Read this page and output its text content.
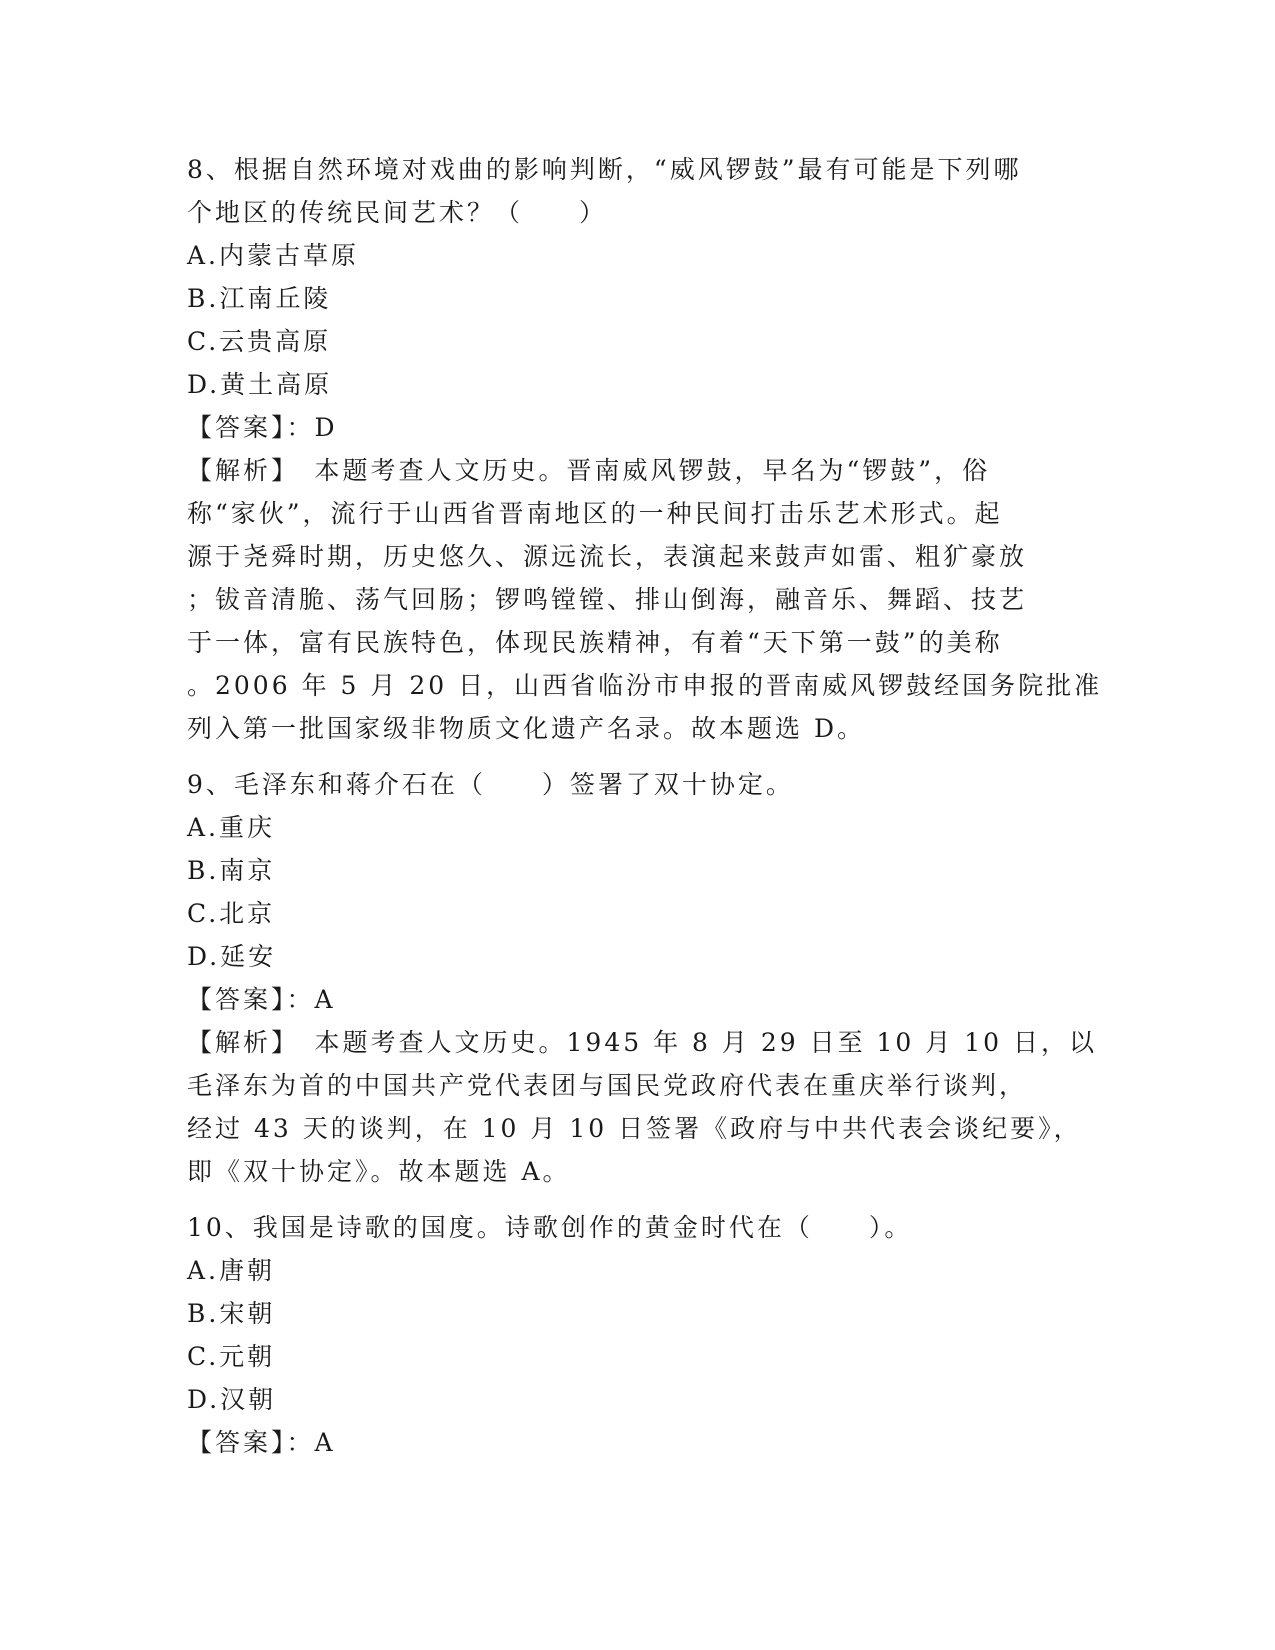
8、根据自然环境对戏曲的影响判断，“威风锣鼓”最有可能是下列哪
个地区的传统民间艺术？（　　）
A.内蒙古草原
B.江南丘陵
C.云贵高原
D.黄土高原
【答案】：D
【解析】　本题考查人文历史。晋南威风锣鼓，早名为“锣鼓”，俗
称“家伙”，流行于山西省晋南地区的一种民间打击乐艺术形式。起
源于尧舜时期，历史悠久、源远流长，表演起来鼓声如雷、粗犷豪放
；钹音清脆、荡气回肠；锣鸣镗镗、排山倒海，融音乐、舞蹈、技艺
于一体，富有民族特色，体现民族精神，有着“天下第一鼓”的美称
。2006 年 5 月 20 日，山西省临汾市申报的晋南威风锣鼓经国务院批准
列入第一批国家级非物质文化遗产名录。故本题选 D。
9、毛泽东和蒋介石在（　　）签署了双十协定。
A.重庆
B.南京
C.北京
D.延安
【答案】：A
【解析】　本题考查人文历史。1945 年 8 月 29 日至 10 月 10 日，以
毛泽东为首的中国共产党代表团与国民党政府代表在重庆举行谈判，
经过 43 天的谈判，在 10 月 10 日签署《政府与中共代表会谈纪要》，
即《双十协定》。故本题选 A。
10、我国是诗歌的国度。诗歌创作的黄金时代在（　　）。
A.唐朝
B.宋朝
C.元朝
D.汉朝
【答案】：A
